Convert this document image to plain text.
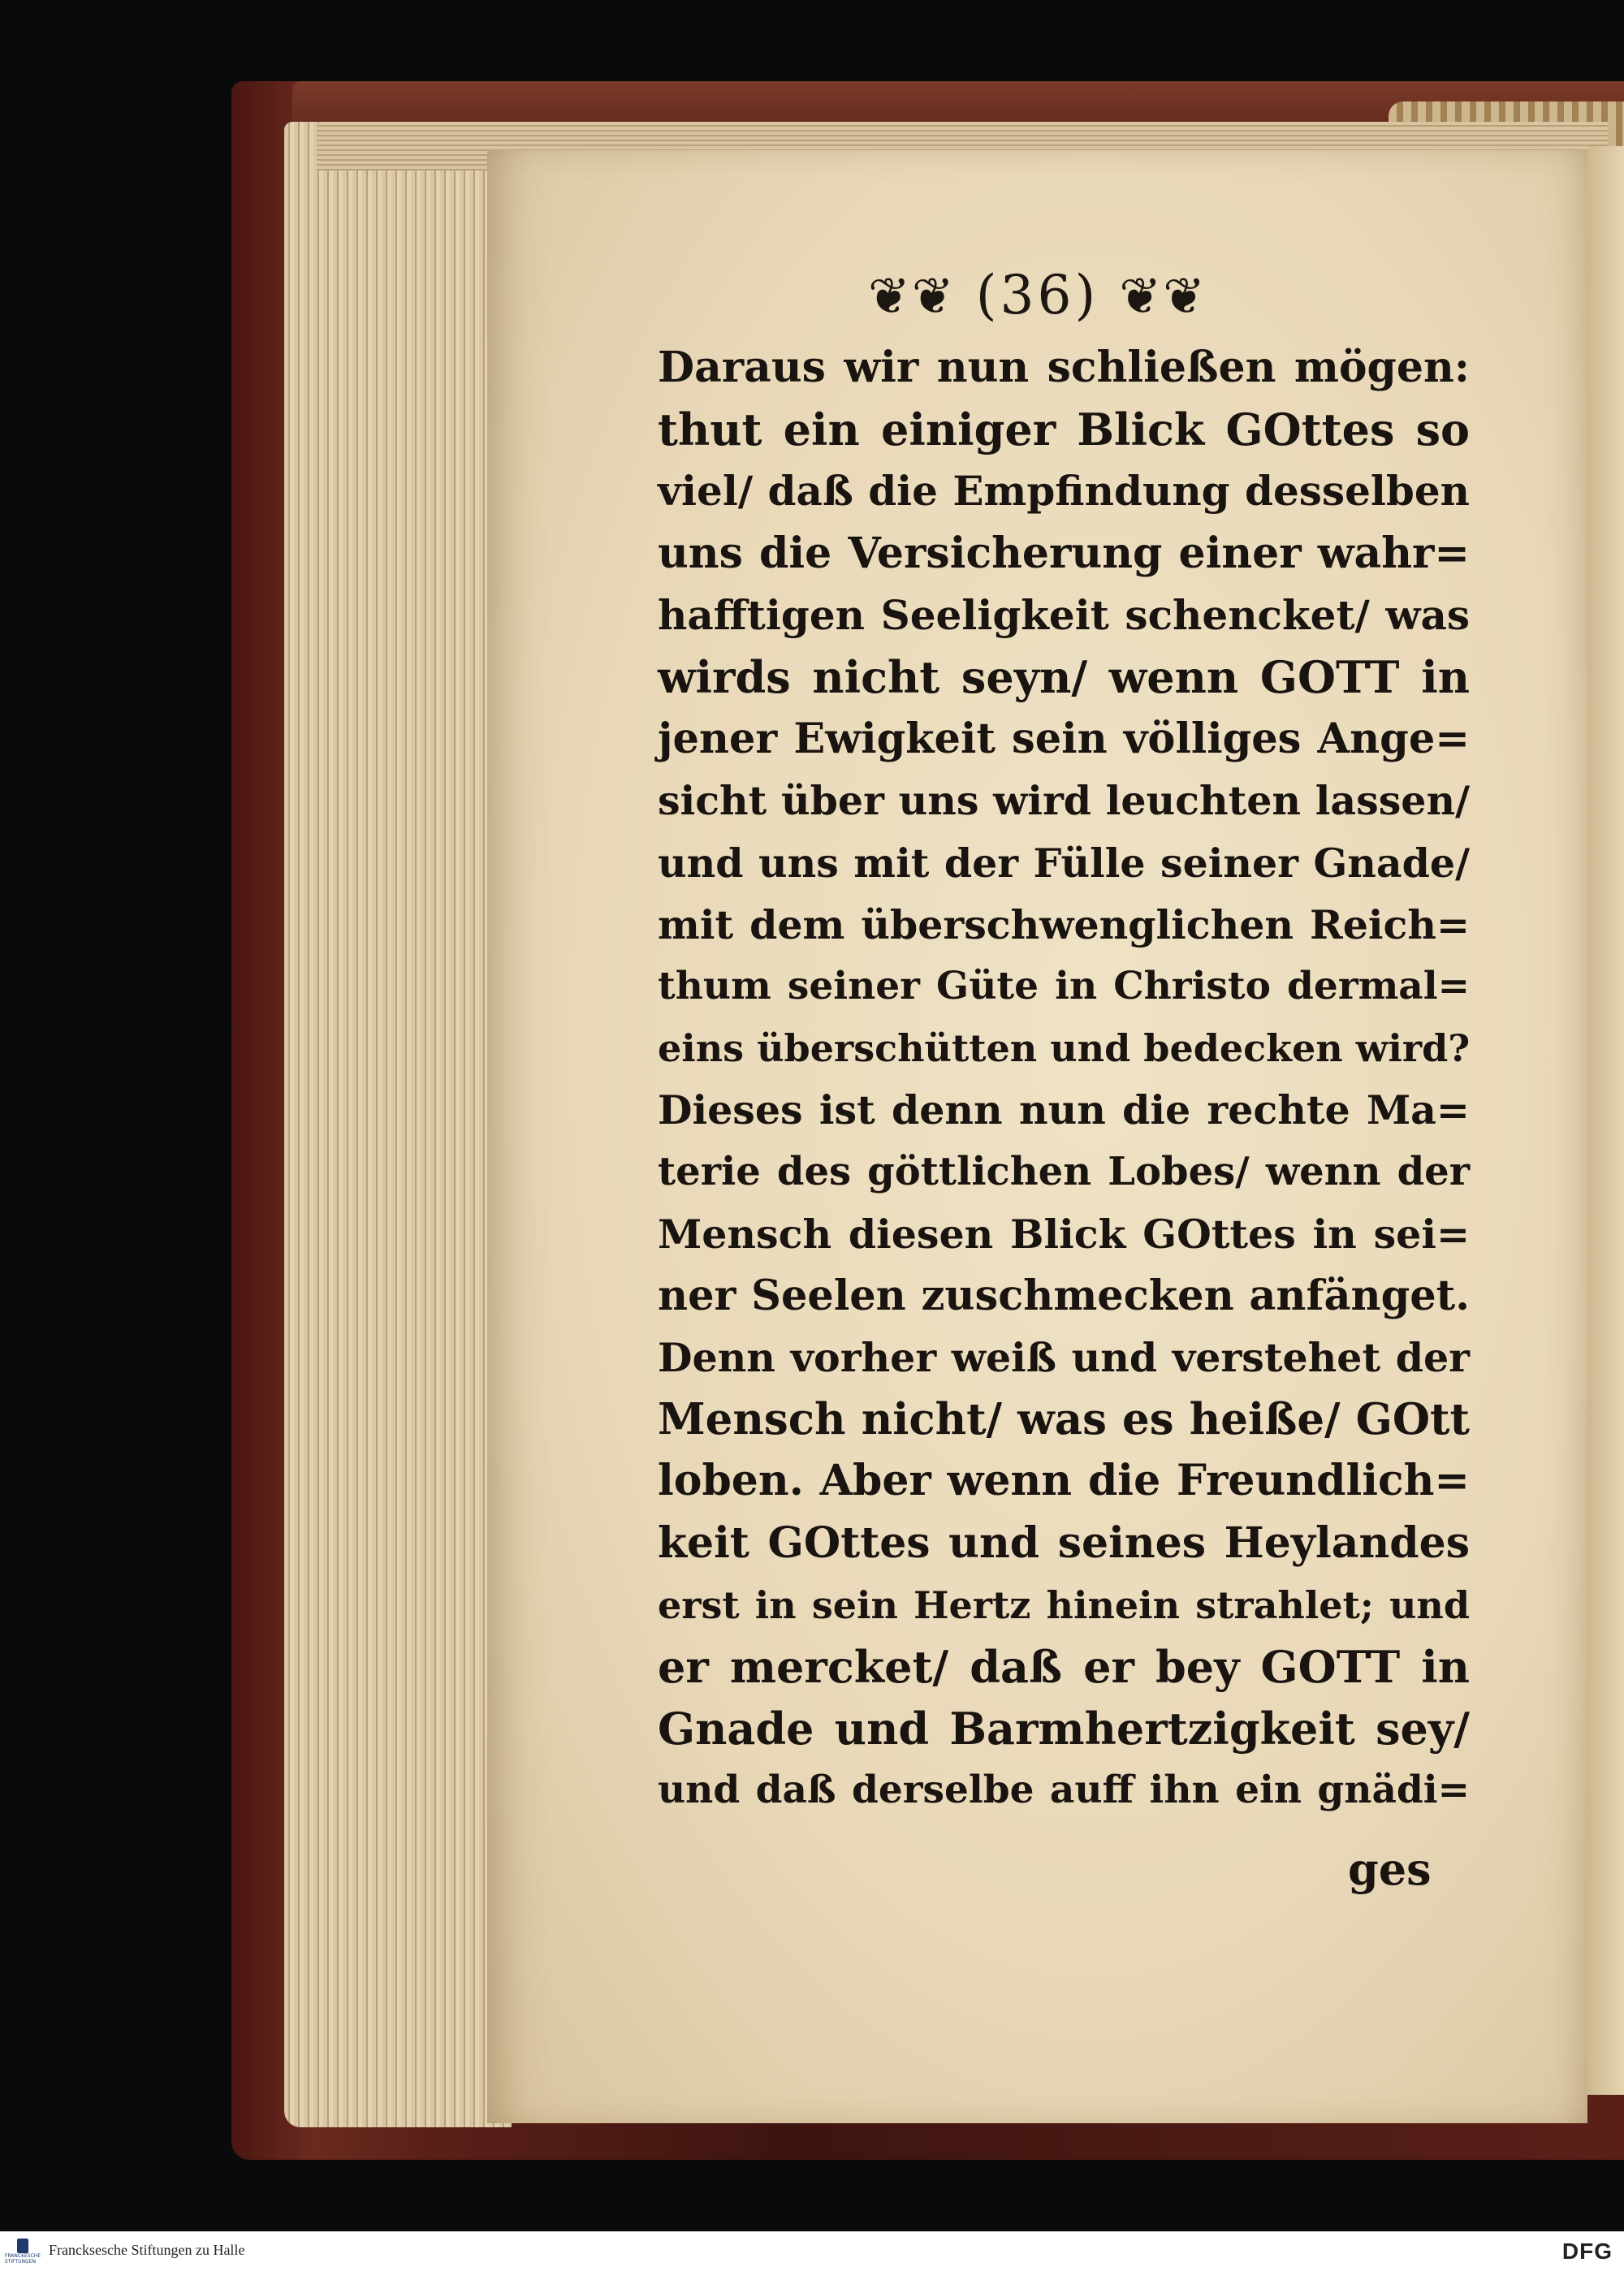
❦❦ (36) ❦❦
Daraus wir nun schließen mögen:
thut ein einiger Blick GOttes so
viel/ daß die Empfindung desselben
uns die Versicherung einer wahr=
hafftigen Seeligkeit schencket/ was
wirds nicht seyn/ wenn GOTT in
jener Ewigkeit sein völliges Ange=
sicht über uns wird leuchten lassen/
und uns mit der Fülle seiner Gnade/
mit dem überschwenglichen Reich=
thum seiner Güte in Christo dermal=
eins überschütten und bedecken wird?
Dieses ist denn nun die rechte Ma=
terie des göttlichen Lobes/ wenn der
Mensch diesen Blick GOttes in sei=
ner Seelen zuschmecken anfänget.
Denn vorher weiß und verstehet der
Mensch nicht/ was es heiße/ GOtt
loben. Aber wenn die Freundlich=
keit GOttes und seines Heylandes
erst in sein Hertz hinein strahlet; und
er mercket/ daß er bey GOTT in
Gnade und Barmhertzigkeit sey/
und daß derselbe auff ihn ein gnädi=
ges
FRANCKESCHE STIFTUNGEN
Francksesche Stiftungen zu Halle	DFG
